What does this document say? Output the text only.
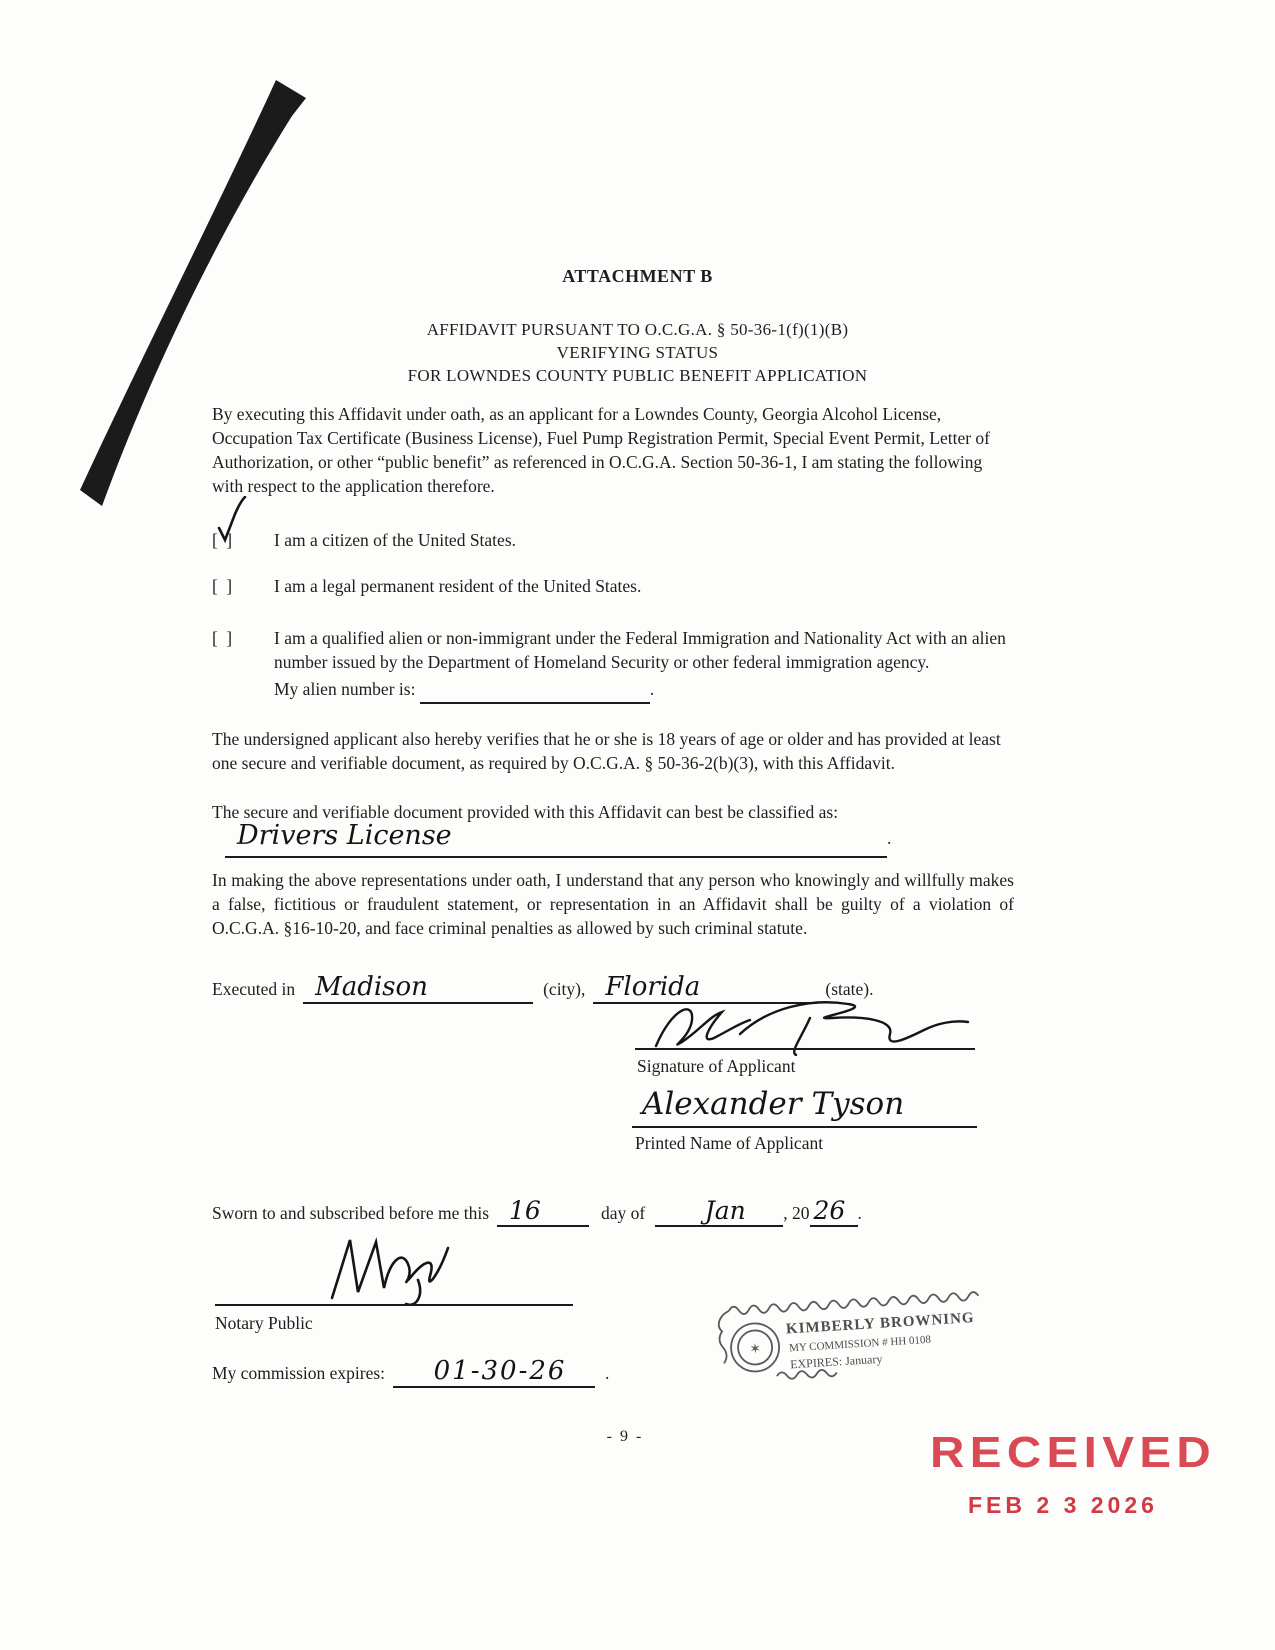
ATTACHMENT B
AFFIDAVIT PURSUANT TO O.C.G.A. § 50-36-1(f)(1)(B)
VERIFYING STATUS
FOR LOWNDES COUNTY PUBLIC BENEFIT APPLICATION
By executing this Affidavit under oath, as an applicant for a Lowndes County, Georgia Alcohol License, Occupation Tax Certificate (Business License), Fuel Pump Registration Permit, Special Event Permit, Letter of Authorization, or other “public benefit” as referenced in O.C.G.A. Section 50-36-1, I am stating the following with respect to the application therefore.
[ ] I am a citizen of the United States.
[ ] I am a legal permanent resident of the United States.
[ ] I am a qualified alien or non-immigrant under the Federal Immigration and Nationality Act with an alien number issued by the Department of Homeland Security or other federal immigration agency.
My alien number is:	.
The undersigned applicant also hereby verifies that he or she is 18 years of age or older and has provided at least one secure and verifiable document, as required by O.C.G.A. § 50-36-2(b)(3), with this Affidavit.
The secure and verifiable document provided with this Affidavit can best be classified as:
Drivers License	.
In making the above representations under oath, I understand that any person who knowingly and willfully makes a false, fictitious or fraudulent statement, or representation in an Affidavit shall be guilty of a violation of O.C.G.A. §16-10-20, and face criminal penalties as allowed by such criminal statute.
Executed in Madison	(city), Florida	(state).
Signature of Applicant
Alexander Tyson
Printed Name of Applicant
Sworn to and subscribed before me this 16	day of	Jan	, 20 26 .
Notary Public
My commission expires:	01-30-26	.
✶
KIMBERLY BROWNING
MY COMMISSION # HH 0108
EXPIRES: January
- 9 -	RECEIVED
FEB 2 3 2026
